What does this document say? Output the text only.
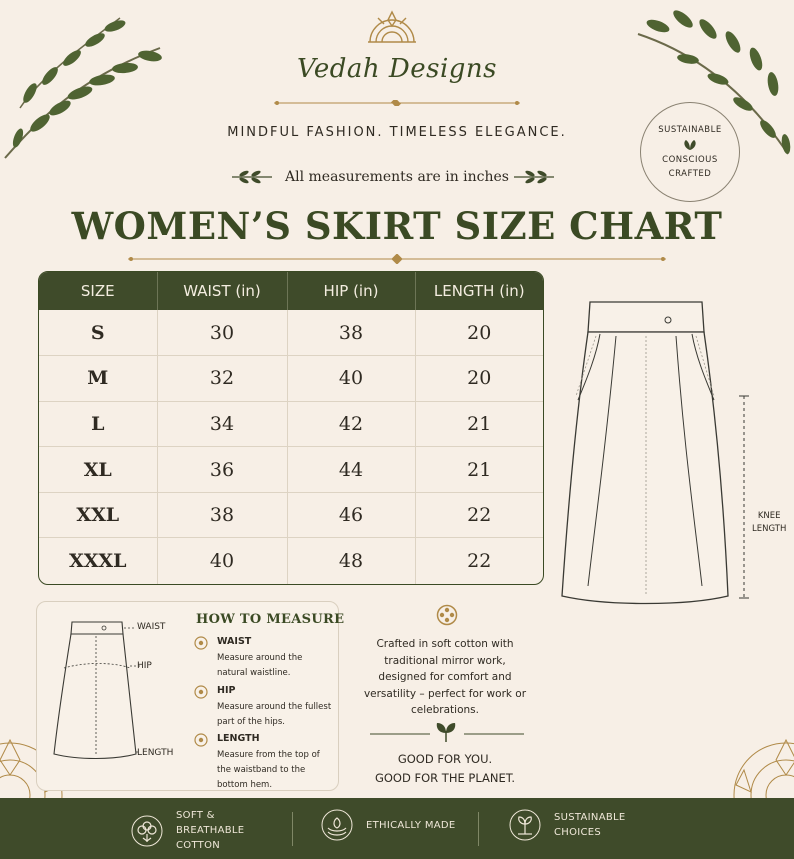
Vedah Designs
MINDFUL FASHION. TIMELESS ELEGANCE.	SUSTAINABLE
CONSCIOUS
CRAFTED
All measurements are in inches
WOMEN’S SKIRT SIZE CHART
SIZE	WAIST (in)	HIP (in)	LENGTH (in)
S	30	38	20
M	32	40	20
L	34	42	21
XL	36	44	21
XXL	38	46	22
XXXL	40	48	22
KNEE
LENGTH
WAIST
HIP
LENGTH
HOW TO MEASURE
WAIST
Measure around the natural waistline.
HIP
Measure around the fullest part of the hips.
LENGTH
Measure from the top of the waistband to the bottom hem.
Crafted in soft cotton with traditional mirror work, designed for comfort and versatility – perfect for work or celebrations.
GOOD FOR YOU.
GOOD FOR THE PLANET.
SOFT &
BREATHABLE
COTTON
ETHICALLY MADE
SUSTAINABLE
CHOICES
